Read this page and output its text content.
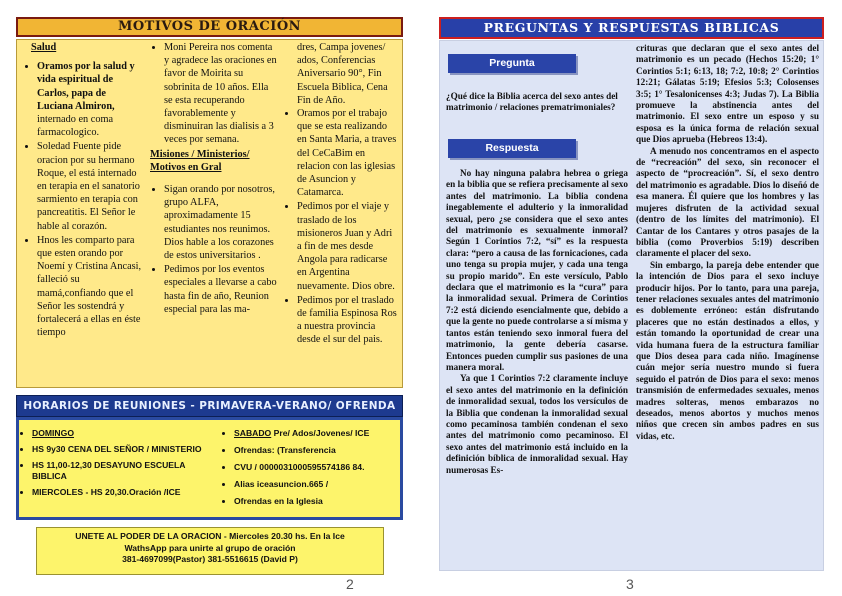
MOTIVOS DE ORACIÓN
Salud
• Oramos por la salud y vida espiritual de Carlos, papa de Luciana Almiron, internado en coma farmacologico.
• Soledad Fuente pide oracion por su hermano Roque, el está internado en terapia en el sanatorio sarmiento en terapia con pancreatitis. El Señor le hable al corazón.
• Hnos les comparto para que esten orando por Noemí y Cristina Ancasi, falleció su mamá,confiando que el Señor les sostendrá y fortalecerá a ellas en éste tiempo
• Moni Pereira nos comenta y agradece las oraciones en favor de Moirita su sobrinita de 10 años. Ella se esta recuperando favorablemente y disminuiran las dialisis a 3 veces por semana.
Misiones / Ministerios/ Motivos en Gral
• Sigan orando por nosotros, grupo ALFA, aproximadamente 15 estudiantes nos reunimos. Dios hable a los corazones de estos universitarios .
• Pedimos por los eventos especiales a llevarse a cabo hasta fin de año, Reunion especial para las ma-
dres, Campa jovenes/ ados, Conferencias Aniversario 90°, Fin Escuela Biblica, Cena Fin de Año.
• Oramos por el trabajo que se esta realizando en Santa Maria, a traves del CeCaBim en relacion con las iglesias de Asuncion y Catamarca.
• Pedimos por el viaje y traslado de los misioneros Juan y Adri a fin de mes desde Angola para radicarse en Argentina nuevamente. Dios obre.
• Pedimos por el traslado de familia Espinosa Ros a nuestra provincia desde el sur del pais.
HORARIOS DE REUNIONES - PRIMAVERA-VERANO/ OFRENDA
• DOMINGO
• HS 9y30 CENA DEL SEÑOR / MINISTERIO
• HS 11,00-12,30 DESAYUNO ESCUELA BIBLICA
• MIERCOLES - HS 20,30.Oración /ICE
• SABADO Pre/ Ados/Jovenes/ ICE
• Ofrendas: (Transferencia
• CVU / 0000031000595574186 84.
• Alias iceasuncion.665 /
• Ofrendas en la Iglesia
UNETE AL PODER DE LA ORACION - Miercoles 20.30 hs. En la Ice
WathsApp para unirte al grupo de oración
381-4697099(Pastor) 381-5516615 (David P)
2
PREGUNTAS Y RESPUESTAS BIBLICAS
Pregunta
¿Qué dice la Biblia acerca del sexo antes del matrimonio / relaciones prematrimoniales?
Respuesta

No hay ninguna palabra hebrea o griega en la biblia que se refiera precisamente al sexo antes del matrimonio. La biblia condena inegablemente el adulterio y la inmoralidad sexual, pero ¿se considera que el sexo antes del matrimonio es sexualmente inmoral? Según 1 Corintios 7:2, “sí” es la respuesta clara: “pero a causa de las fornicaciones, cada uno tenga su propia mujer, y cada una tenga su propio marido”. En este versículo, Pablo declara que el matrimonio es la “cura” para la inmoralidad sexual. Primera de Corintios 7:2 está diciendo esencialmente que, debido a que la gente no puede controlarse a sí misma y tantos están teniendo sexo inmoral fuera del matrimonio, la gente debería casarse. Entonces pueden cumplir sus pasiones de una manera moral.

Ya que 1 Corintios 7:2 claramente incluye el sexo antes del matrimonio en la definición de inmoralidad sexual, todos los versículos de la Biblia que condenan la inmoralidad sexual como pecaminosa también condenan el sexo antes del matrimonio como pecaminoso. El sexo antes del matrimonio está incluido en la definición bíblica de inmoralidad sexual. Hay numerosas Es-

crituras que declaran que el sexo antes del matrimonio es un pecado (Hechos 15:20; 1° Corintios 5:1; 6:13, 18; 7:2, 10:8; 2° Corintios 12:21; Gálatas 5:19; Efesios 5:3; Colosenses 3:5; 1° Tesalonicenses 4:3; Judas 7). La Biblia promueve la abstinencia antes del matrimonio. El sexo entre un esposo y su esposa es la única forma de relación sexual que Dios aprueba (Hebreos 13:4).

A menudo nos concentramos en el aspecto de “recreación” del sexo, sin reconocer el aspecto de “procreación”. Sí, el sexo dentro del matrimonio es agradable. Dios lo diseñó de esa manera. Él quiere que los hombres y las mujeres disfruten de la actividad sexual (dentro de los límites del matrimonio). El Cantar de los Cantares y otros pasajes de la biblia (como Proverbios 5:19) describen claramente el placer del sexo.

Sin embargo, la pareja debe entender que la intención de Dios para el sexo incluye producir hijos. Por lo tanto, para una pareja, tener relaciones sexuales antes del matrimonio es doblemente erróneo: están disfrutando placeres que no están destinados a ellos, y están tomando la oportunidad de crear una vida humana fuera de la estructura familiar que Dios desea para cada niño. Imagínense cuán mejor sería nuestro mundo si fuera seguido el patrón de Dios para el sexo: menos transmisión de enfermedades sexuales, menos madres solteras, menos embarazos no deseados, menos abortos y muchos menos niños que crecen sin ambos padres en sus vidas, etc.

3
